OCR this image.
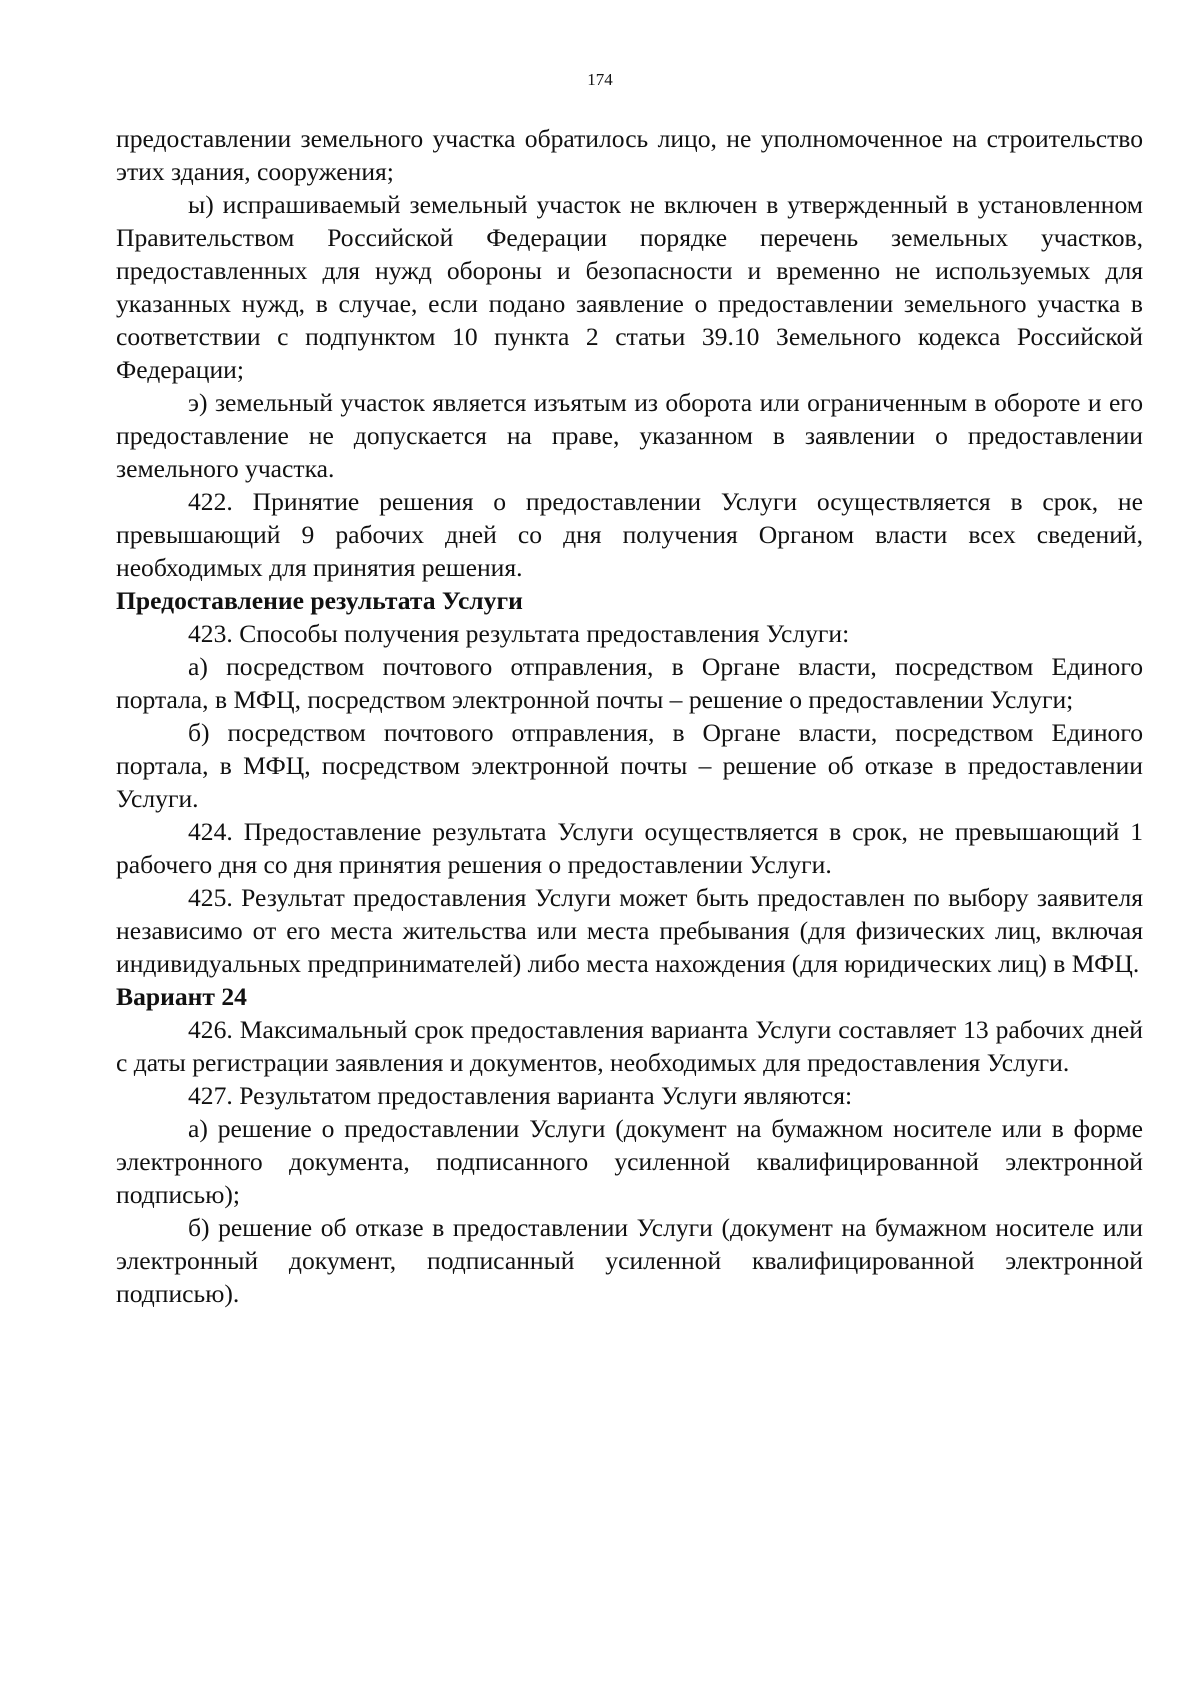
174

предоставлении земельного участка обратилось лицо, не уполномоченное на строительство этих здания, сооружения;

ы) испрашиваемый земельный участок не включен в утвержденный в установленном Правительством Российской Федерации порядке перечень земельных участков, предоставленных для нужд обороны и безопасности и временно не используемых для указанных нужд, в случае, если подано заявление о предоставлении земельного участка в соответствии с подпунктом 10 пункта 2 статьи 39.10 Земельного кодекса Российской Федерации;

э) земельный участок является изъятым из оборота или ограниченным в обороте и его предоставление не допускается на праве, указанном в заявлении о предоставлении земельного участка.

422. Принятие решения о предоставлении Услуги осуществляется в срок, не превышающий 9 рабочих дней со дня получения Органом власти всех сведений, необходимых для принятия решения.

Предоставление результата Услуги

423. Способы получения результата предоставления Услуги:

а) посредством почтового отправления, в Органе власти, посредством Единого портала, в МФЦ, посредством электронной почты – решение о предоставлении Услуги;

б) посредством почтового отправления, в Органе власти, посредством Единого портала, в МФЦ, посредством электронной почты – решение об отказе в предоставлении Услуги.

424. Предоставление результата Услуги осуществляется в срок, не превышающий 1 рабочего дня со дня принятия решения о предоставлении Услуги.

425. Результат предоставления Услуги может быть предоставлен по выбору заявителя независимо от его места жительства или места пребывания (для физических лиц, включая индивидуальных предпринимателей) либо места нахождения (для юридических лиц) в МФЦ.

Вариант 24

426. Максимальный срок предоставления варианта Услуги составляет 13 рабочих дней с даты регистрации заявления и документов, необходимых для предоставления Услуги.

427. Результатом предоставления варианта Услуги являются:

а) решение о предоставлении Услуги (документ на бумажном носителе или в форме электронного документа, подписанного усиленной квалифицированной электронной подписью);

б) решение об отказе в предоставлении Услуги (документ на бумажном носителе или электронный документ, подписанный усиленной квалифицированной электронной подписью).
